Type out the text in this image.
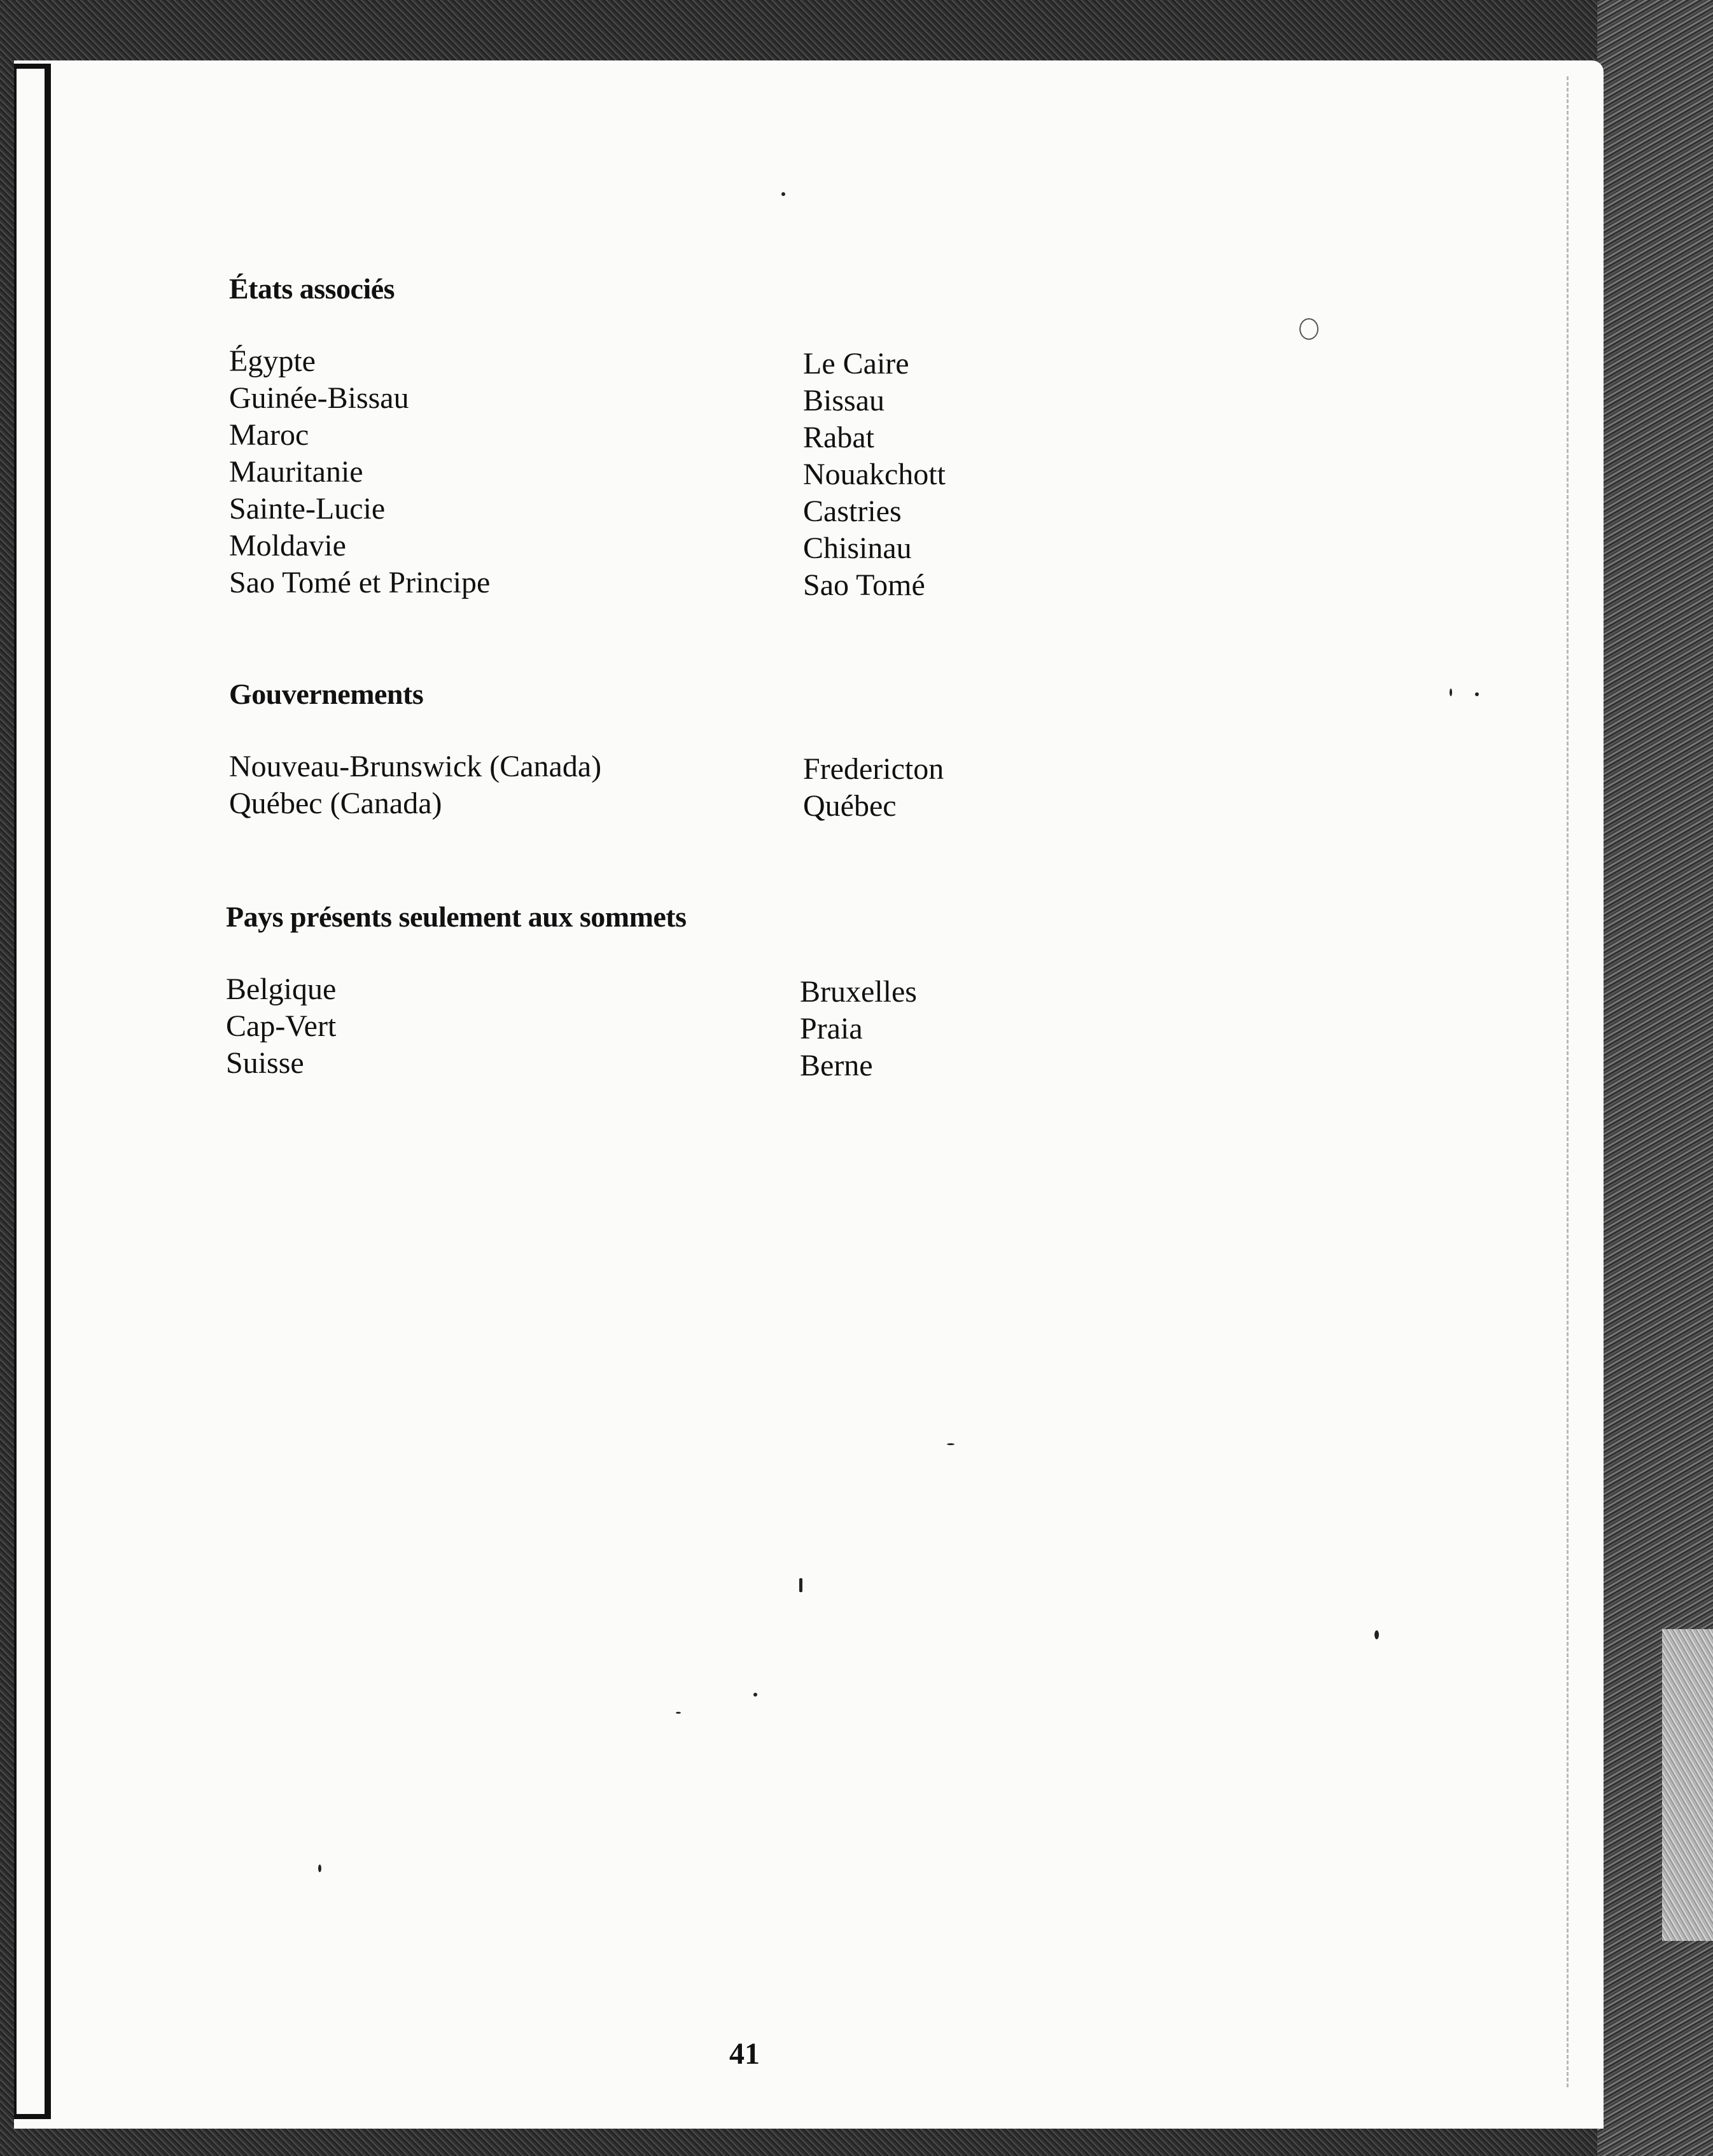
États associés
Égypte	Le Caire
Guinée-Bissau	Bissau
Maroc	Rabat
Mauritanie	Nouakchott
Sainte-Lucie	Castries
Moldavie	Chisinau
Sao Tomé et Principe	Sao Tomé
Gouvernements
Nouveau-Brunswick (Canada)	Fredericton
Québec (Canada)	Québec
Pays présents seulement aux sommets
Belgique	Bruxelles
Cap-Vert	Praia
Suisse	Berne
41
